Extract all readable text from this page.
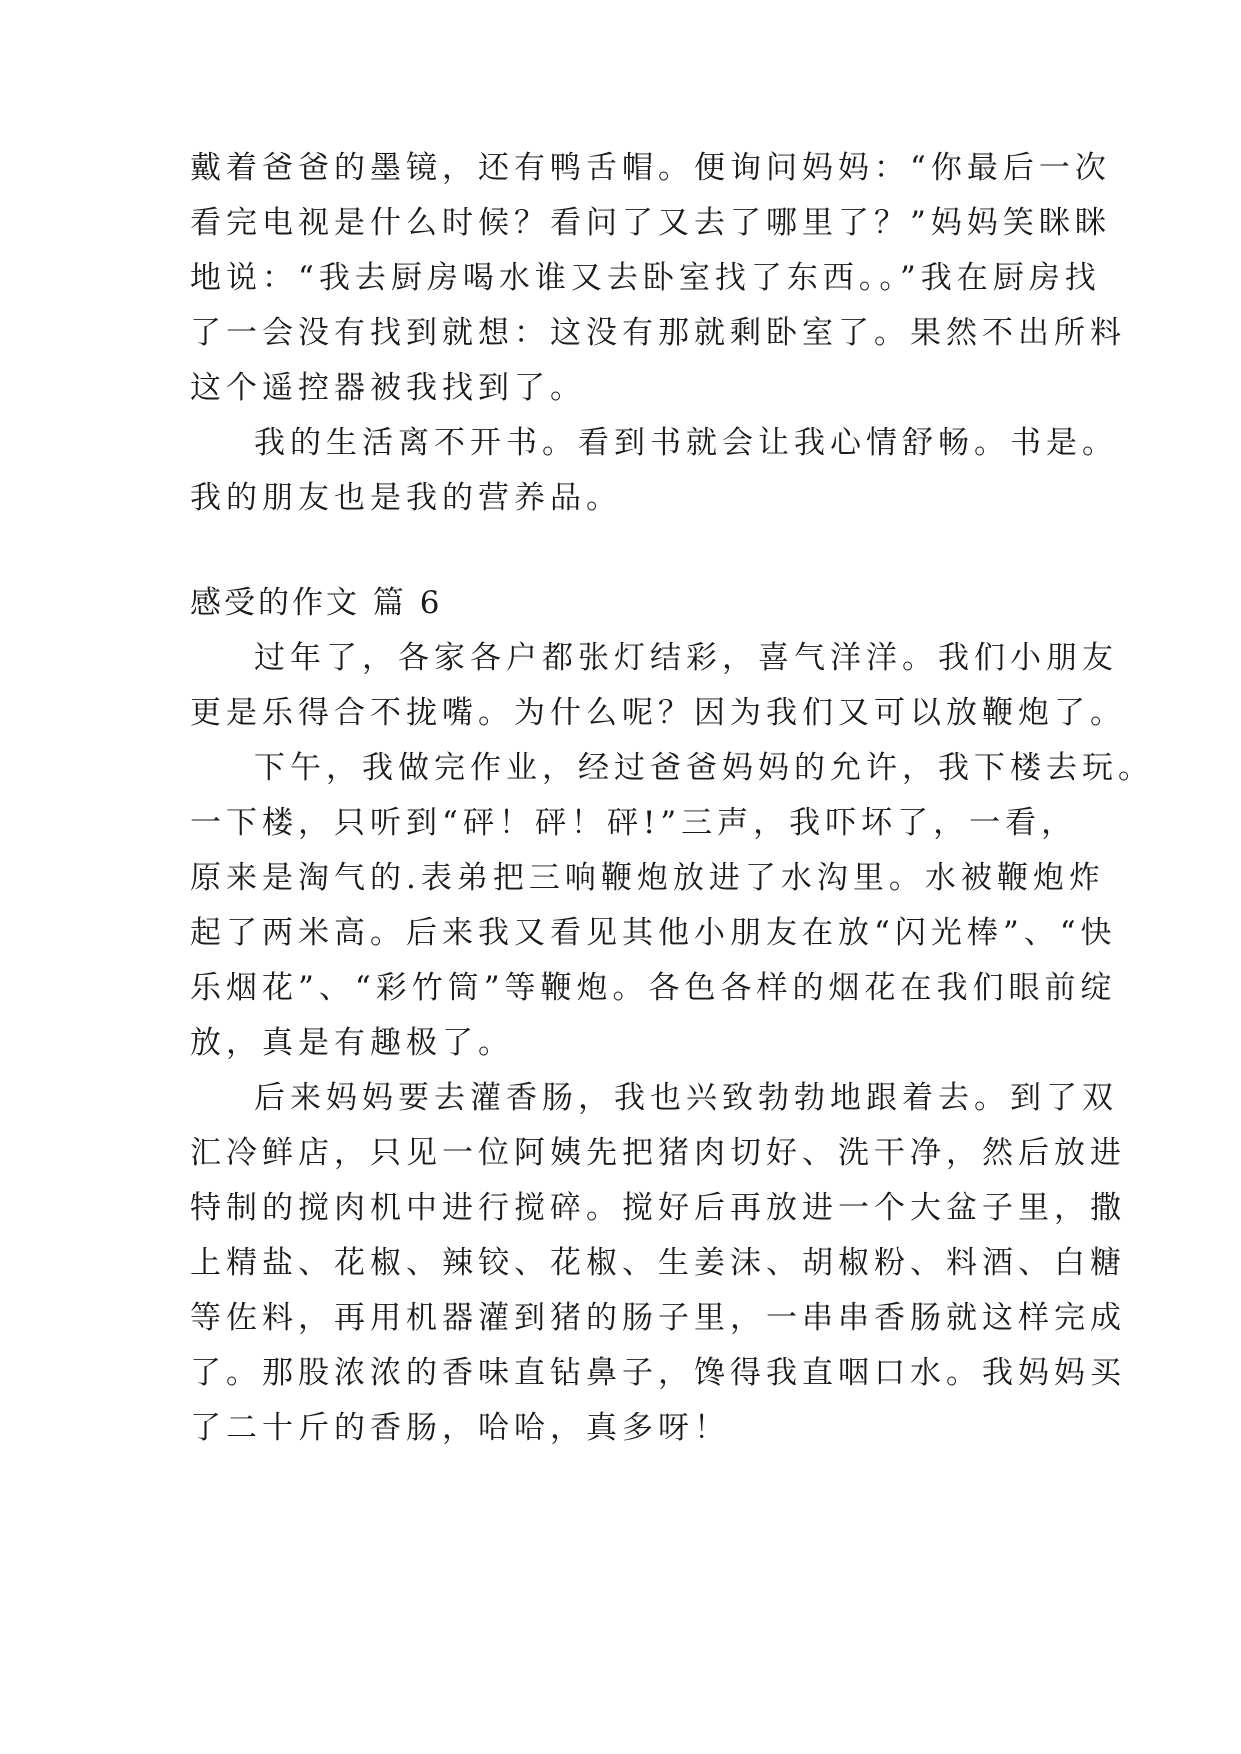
戴着爸爸的墨镜，还有鸭舌帽。便询问妈妈：“你最后一次
看完电视是什么时候？看问了又去了哪里了？”妈妈笑眯眯
地说：“我去厨房喝水谁又去卧室找了东西。。”我在厨房找
了一会没有找到就想：这没有那就剩卧室了。果然不出所料
这个遥控器被我找到了。
我的生活离不开书。看到书就会让我心情舒畅。书是。
我的朋友也是我的营养品。
感受的作文 篇 6
过年了，各家各户都张灯结彩，喜气洋洋。我们小朋友
更是乐得合不拢嘴。为什么呢？因为我们又可以放鞭炮了。
下午，我做完作业，经过爸爸妈妈的允许，我下楼去玩。
一下楼，只听到“砰！砰！砰!”三声，我吓坏了，一看，
原来是淘气的.表弟把三响鞭炮放进了水沟里。水被鞭炮炸
起了两米高。后来我又看见其他小朋友在放“闪光棒”、“快
乐烟花”、“彩竹筒”等鞭炮。各色各样的烟花在我们眼前绽
放，真是有趣极了。
后来妈妈要去灌香肠，我也兴致勃勃地跟着去。到了双
汇冷鲜店，只见一位阿姨先把猪肉切好、洗干净，然后放进
特制的搅肉机中进行搅碎。搅好后再放进一个大盆子里，撒
上精盐、花椒、辣铰、花椒、生姜沫、胡椒粉、料酒、白糖
等佐料，再用机器灌到猪的肠子里，一串串香肠就这样完成
了。那股浓浓的香味直钻鼻子，馋得我直咽口水。我妈妈买
了二十斤的香肠，哈哈，真多呀！
